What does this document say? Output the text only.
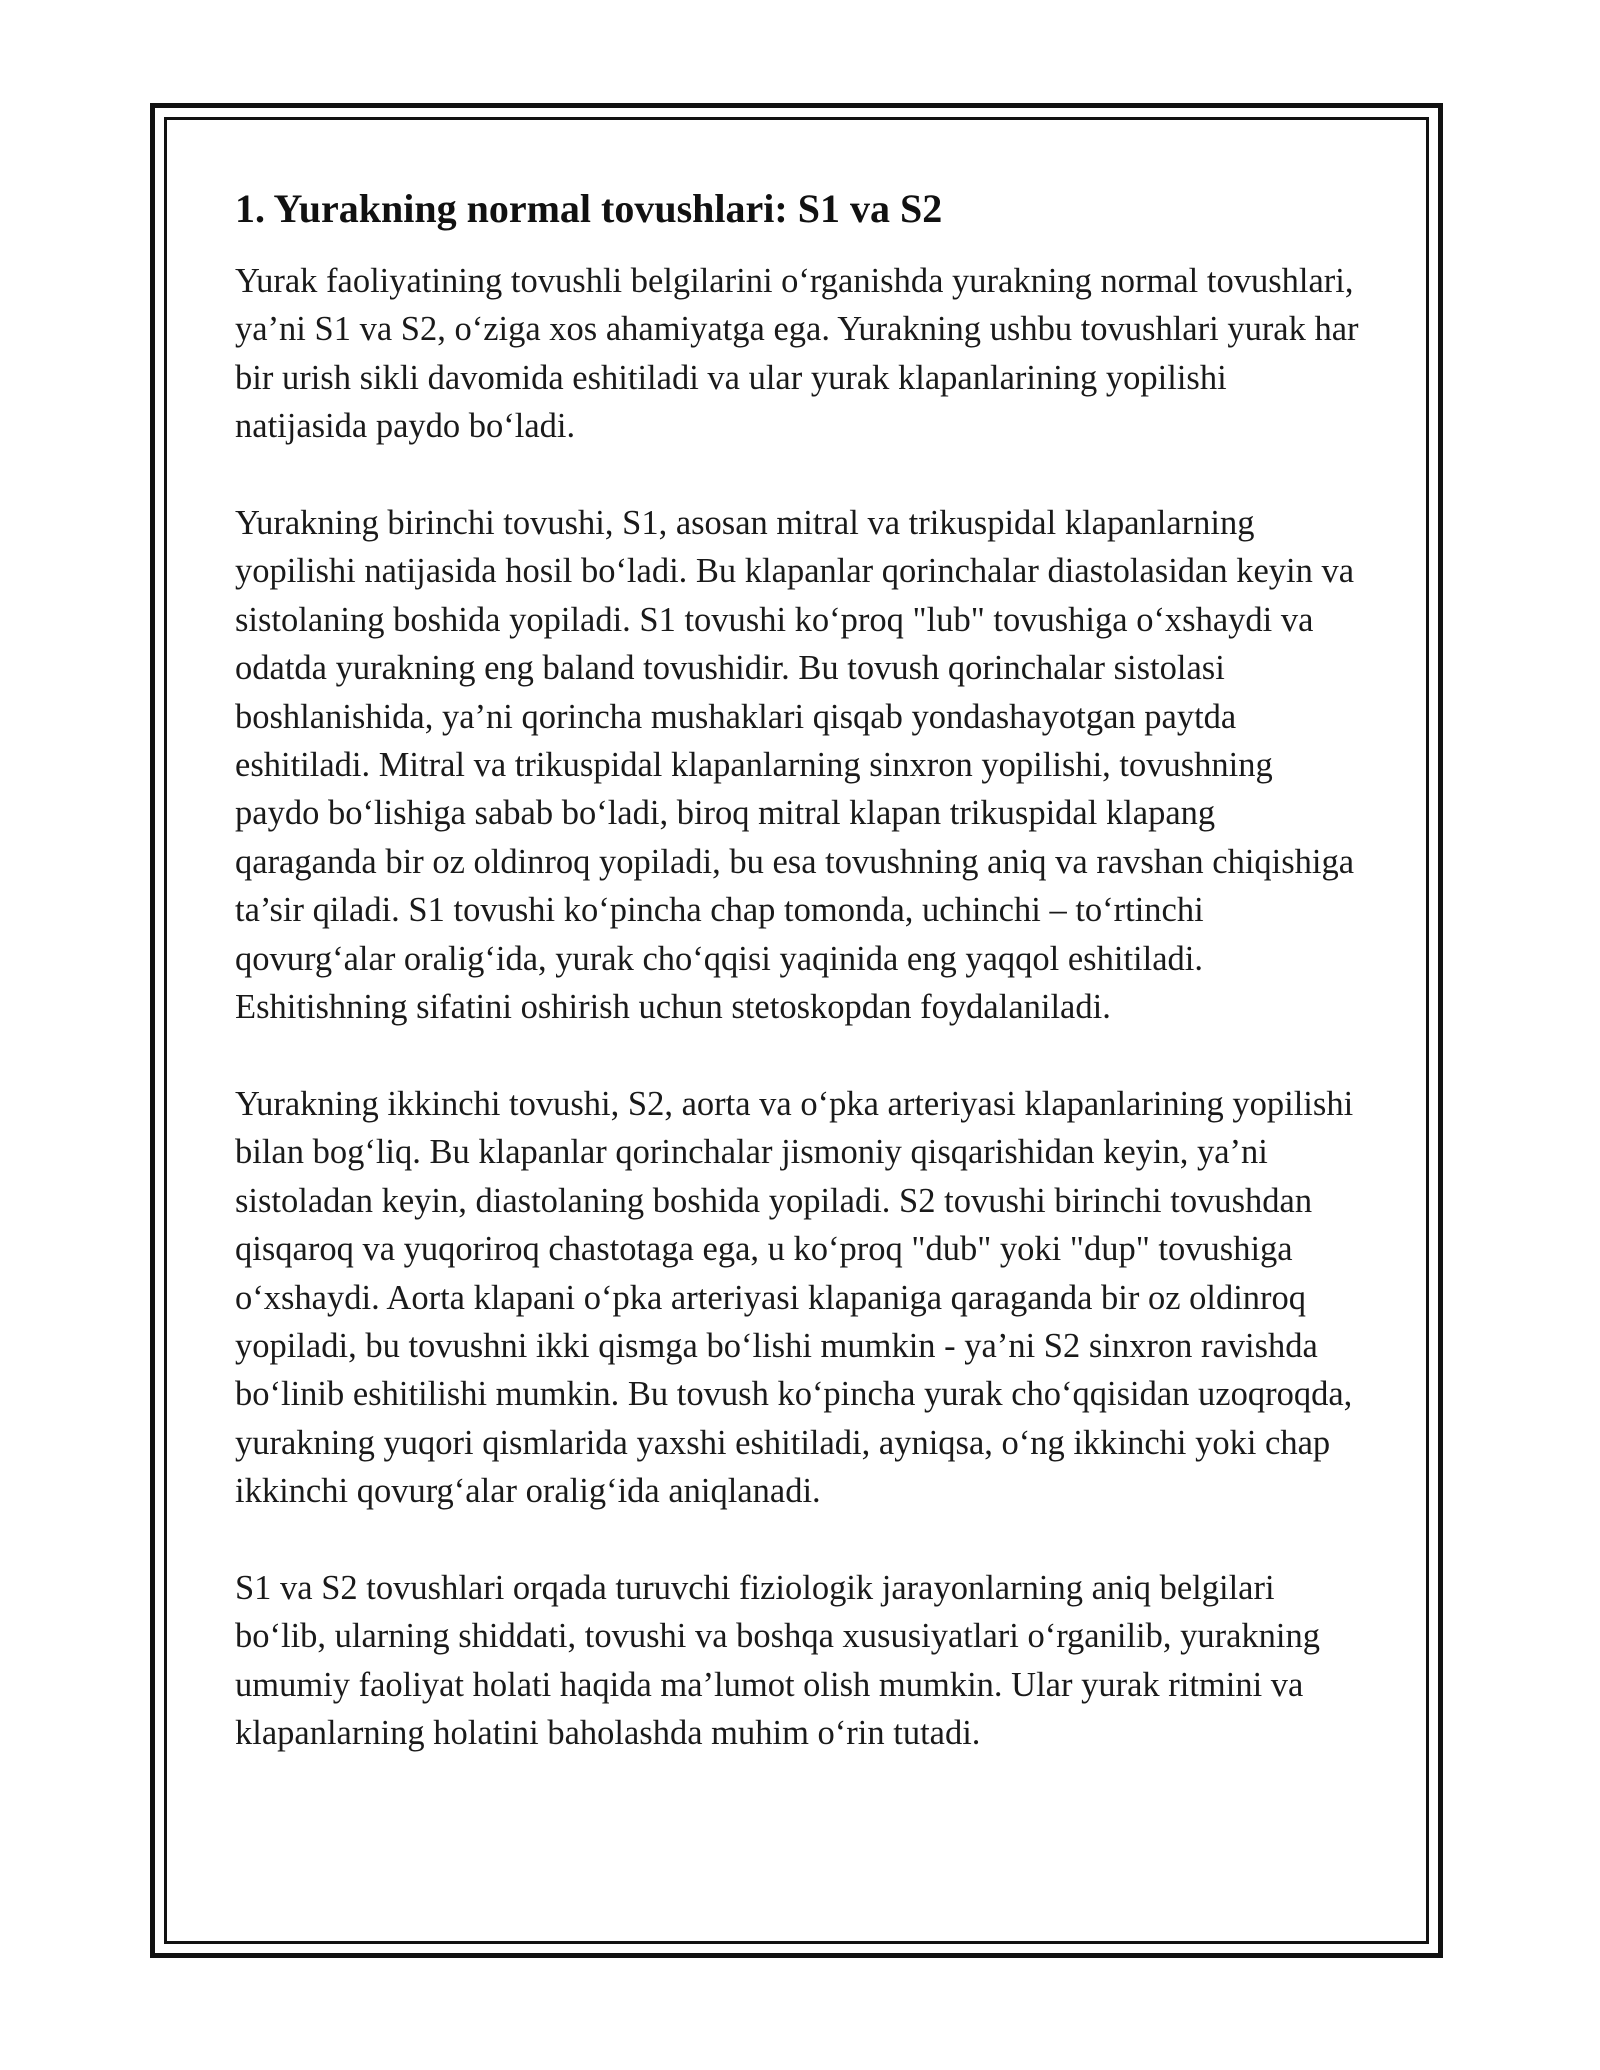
1. Yurakning normal tovushlari: S1 va S2

Yurak faoliyatining tovushli belgilarini o‘rganishda yurakning normal tovushlari, ya’ni S1 va S2, o‘ziga xos ahamiyatga ega. Yurakning ushbu tovushlari yurak har bir urish sikli davomida eshitiladi va ular yurak klapanlarining yopilishi natijasida paydo bo‘ladi.

Yurakning birinchi tovushi, S1, asosan mitral va trikuspidal klapanlarning yopilishi natijasida hosil bo‘ladi. Bu klapanlar qorinchalar diastolasidan keyin va sistolaning boshida yopiladi. S1 tovushi ko‘proq "lub" tovushiga o‘xshaydi va odatda yurakning eng baland tovushidir. Bu tovush qorinchalar sistolasi boshlanishida, ya’ni qorincha mushaklari qisqab yondashayotgan paytda eshitiladi. Mitral va trikuspidal klapanlarning sinxron yopilishi, tovushning paydo bo‘lishiga sabab bo‘ladi, biroq mitral klapan trikuspidal klapang qaraganda bir oz oldinroq yopiladi, bu esa tovushning aniq va ravshan chiqishiga ta’sir qiladi. S1 tovushi ko‘pincha chap tomonda, uchinchi – to‘rtinchi qovurg‘alar oralig‘ida, yurak cho‘qqisi yaqinida eng yaqqol eshitiladi. Eshitishning sifatini oshirish uchun stetoskopdan foydalaniladi.

Yurakning ikkinchi tovushi, S2, aorta va o‘pka arteriyasi klapanlarining yopilishi bilan bog‘liq. Bu klapanlar qorinchalar jismoniy qisqarishidan keyin, ya’ni sistoladan keyin, diastolaning boshida yopiladi. S2 tovushi birinchi tovushdan qisqaroq va yuqoriroq chastotaga ega, u ko‘proq "dub" yoki "dup" tovushiga o‘xshaydi. Aorta klapani o‘pka arteriyasi klapaniga qaraganda bir oz oldinroq yopiladi, bu tovushni ikki qismga bo‘lishi mumkin - ya’ni S2 sinxron ravishda bo‘linib eshitilishi mumkin. Bu tovush ko‘pincha yurak cho‘qqisidan uzoqroqda, yurakning yuqori qismlarida yaxshi eshitiladi, ayniqsa, o‘ng ikkinchi yoki chap ikkinchi qovurg‘alar oralig‘ida aniqlanadi.

S1 va S2 tovushlari orqada turuvchi fiziologik jarayonlarning aniq belgilari bo‘lib, ularning shiddati, tovushi va boshqa xususiyatlari o‘rganilib, yurakning umumiy faoliyat holati haqida ma’lumot olish mumkin. Ular yurak ritmini va klapanlarning holatini baholashda muhim o‘rin tutadi.
